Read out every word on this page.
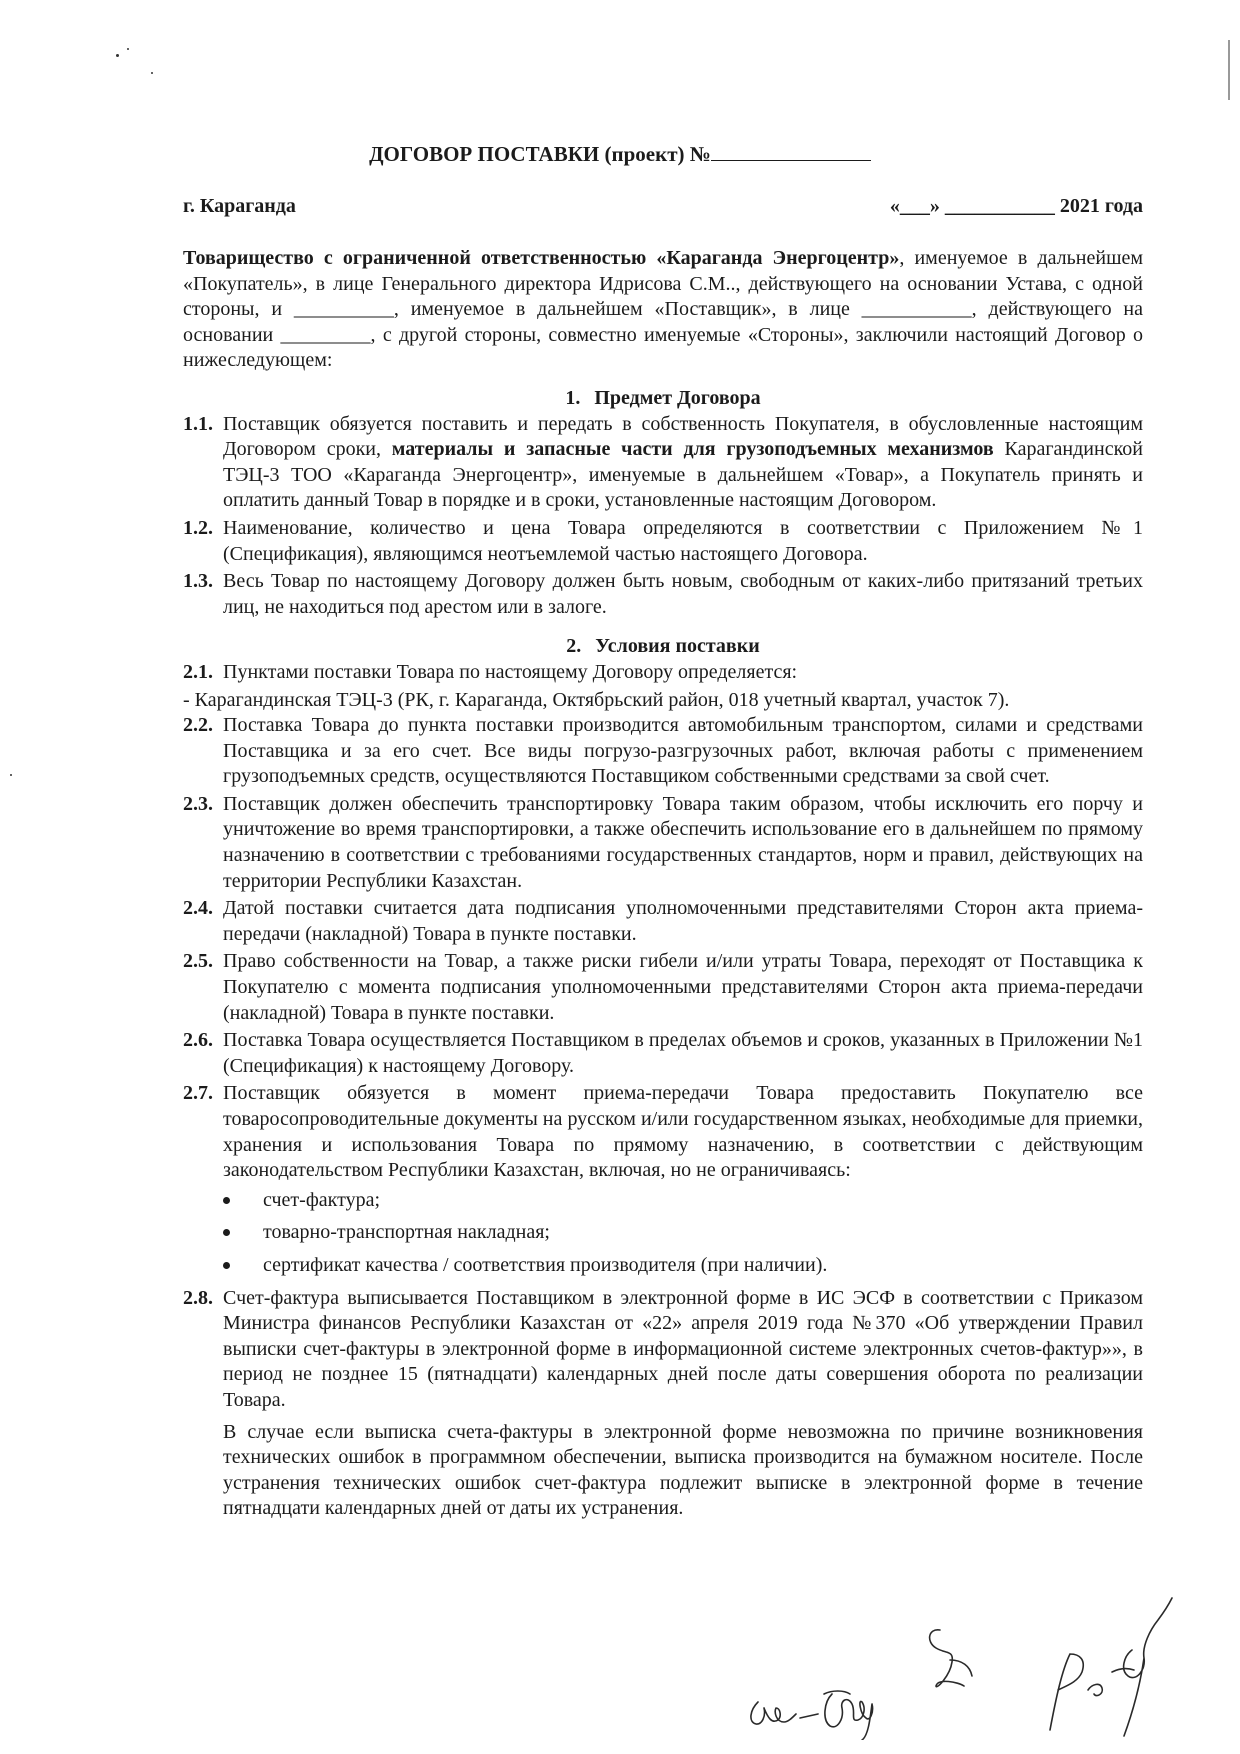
ДОГОВОР ПОСТАВКИ (проект) №
г. Караганда	«___» ___________ 2021 года

Товарищество с ограниченной ответственностью «Караганда Энергоцентр», именуемое в дальнейшем «Покупатель», в лице Генерального директора Идрисова С.М.., действующего на основании Устава, с одной стороны, и __________, именуемое в дальнейшем «Поставщик», в лице ___________, действующего на основании _________, с другой стороны, совместно именуемые «Стороны», заключили настоящий Договор о нижеследующем:

1. Предмет Договора
1.1. Поставщик обязуется поставить и передать в собственность Покупателя, в обусловленные настоящим Договором сроки, материалы и запасные части для грузоподъемных механизмов Карагандинской ТЭЦ-3 ТОО «Караганда Энергоцентр», именуемые в дальнейшем «Товар», а Покупатель принять и оплатить данный Товар в порядке и в сроки, установленные настоящим Договором.
1.2. Наименование, количество и цена Товара определяются в соответствии с Приложением №1 (Спецификация), являющимся неотъемлемой частью настоящего Договора.
1.3. Весь Товар по настоящему Договору должен быть новым, свободным от каких-либо притязаний третьих лиц, не находиться под арестом или в залоге.
2. Условия поставки
2.1. Пунктами поставки Товара по настоящему Договору определяется:

- Карагандинская ТЭЦ-3 (РК, г. Караганда, Октябрьский район, 018 учетный квартал, участок 7).

2.2. Поставка Товара до пункта поставки производится автомобильным транспортом, силами и средствами Поставщика и за его счет. Все виды погрузо-разгрузочных работ, включая работы с применением грузоподъемных средств, осуществляются Поставщиком собственными средствами за свой счет.
2.3. Поставщик должен обеспечить транспортировку Товара таким образом, чтобы исключить его порчу и уничтожение во время транспортировки, а также обеспечить использование его в дальнейшем по прямому назначению в соответствии с требованиями государственных стандартов, норм и правил, действующих на территории Республики Казахстан.
2.4. Датой поставки считается дата подписания уполномоченными представителями Сторон акта приема-передачи (накладной) Товара в пункте поставки.
2.5. Право собственности на Товар, а также риски гибели и/или утраты Товара, переходят от Поставщика к Покупателю с момента подписания уполномоченными представителями Сторон акта приема-передачи (накладной) Товара в пункте поставки.
2.6. Поставка Товара осуществляется Поставщиком в пределах объемов и сроков, указанных в Приложении №1 (Спецификация) к настоящему Договору.
2.7. Поставщик обязуется в момент приема-передачи Товара предоставить Покупателю все товаросопроводительные документы на русском и/или государственном языках, необходимые для приемки, хранения и использования Товара по прямому назначению, в соответствии с действующим законодательством Республики Казахстан, включая, но не ограничиваясь:
счет-фактура;
товарно-транспортная накладная;
сертификат качества / соответствия производителя (при наличии).
2.8. Счет-фактура выписывается Поставщиком в электронной форме в ИС ЭСФ в соответствии с Приказом Министра финансов Республики Казахстан от «22» апреля 2019 года №370 «Об утверждении Правил выписки счет-фактуры в электронной форме в информационной системе электронных счетов-фактур»», в период не позднее 15 (пятнадцати) календарных дней после даты совершения оборота по реализации Товара.

В случае если выписка счета-фактуры в электронной форме невозможна по причине возникновения технических ошибок в программном обеспечении, выписка производится на бумажном носителе. После устранения технических ошибок счет-фактура подлежит выписке в электронной форме в течение пятнадцати календарных дней от даты их устранения.
